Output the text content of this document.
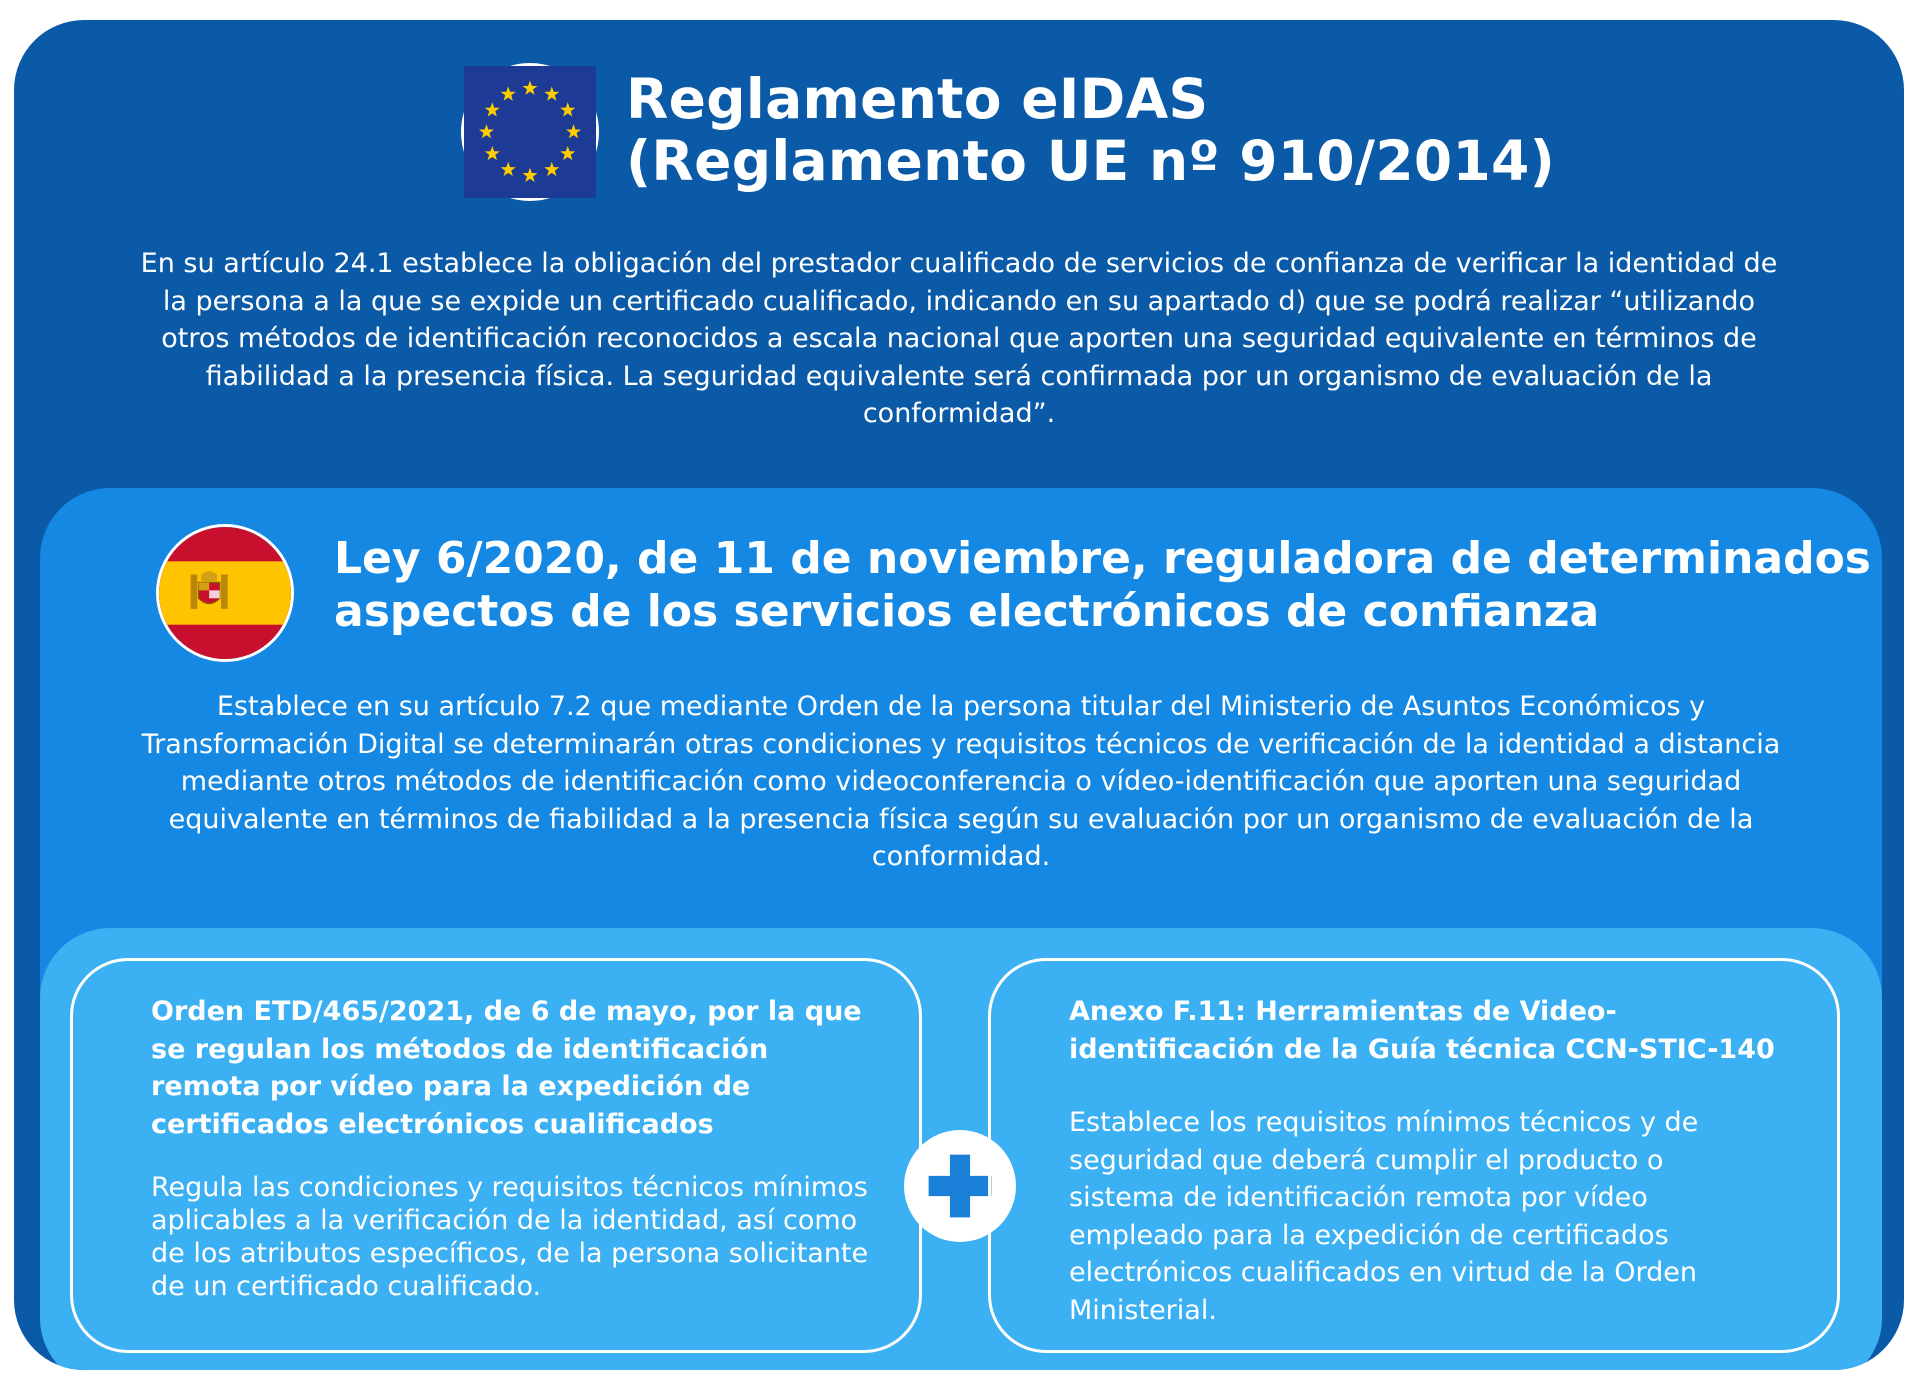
Reglamento eIDAS
(Reglamento UE nº 910/2014)

En su artículo 24.1 establece la obligación del prestador cualificado de servicios de confianza de verificar la identidad de la persona a la que se expide un certificado cualificado, indicando en su apartado d) que se podrá realizar “utilizando otros métodos de identificación reconocidos a escala nacional que aporten una seguridad equivalente en términos de fiabilidad a la presencia física. La seguridad equivalente será confirmada por un organismo de evaluación de la conformidad”.

Ley 6/2020, de 11 de noviembre, reguladora de determinados
aspectos de los servicios electrónicos de confianza

Establece en su artículo 7.2 que mediante Orden de la persona titular del Ministerio de Asuntos Económicos y Transformación Digital se determinarán otras condiciones y requisitos técnicos de verificación de la identidad a distancia mediante otros métodos de identificación como videoconferencia o vídeo-identificación que aporten una seguridad equivalente en términos de fiabilidad a la presencia física según su evaluación por un organismo de evaluación de la conformidad.

Orden ETD/465/2021, de 6 de mayo, por la que se regulan los métodos de identificación remota por vídeo para la expedición de certificados electrónicos cualificados

Regula las condiciones y requisitos técnicos mínimos aplicables a la verificación de la identidad, así como de los atributos específicos, de la persona solicitante de un certificado cualificado.

Anexo F.11: Herramientas de Video-identificación de la Guía técnica CCN-STIC-140

Establece los requisitos mínimos técnicos y de seguridad que deberá cumplir el producto o sistema de identificación remota por vídeo empleado para la expedición de certificados electrónicos cualificados en virtud de la Orden Ministerial.
